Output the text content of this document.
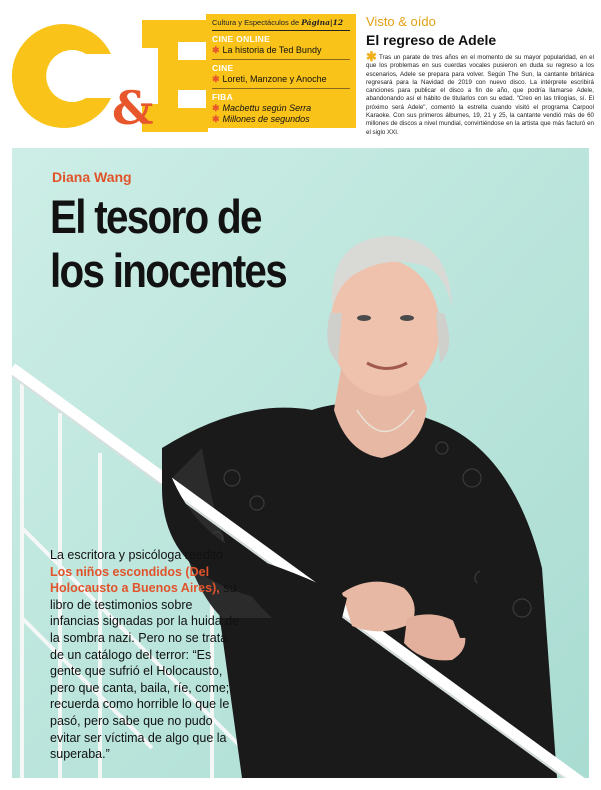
&
Cultura y Espectáculos de Página|12
CINE ONLINE
✱ La historia de Ted Bundy
CINE
✱ Loreti, Manzone y Anoche
FIBA
✱ Macbettu según Serra
✱ Millones de segundos
Visto & oído
El regreso de Adele
✱ Tras un parate de tres años en el momento de su mayor popularidad, en el que los problemas en sus cuerdas vocales pusieron en duda su regreso a los escenarios, Adele se prepara para volver. Según The Sun, la cantante británica regresará para la Navidad de 2019 con nuevo disco. La intérprete escribirá canciones para publicar el disco a fin de año, que podría llamarse Adele, abandonando así el hábito de titularlos con su edad. "Creo en las trilogías, sí. El próximo será Adele", comentó la estrella cuando visitó el programa Carpool Karaoke. Con sus primeros álbumes, 19, 21 y 25, la cantante vendió más de 60 millones de discos a nivel mundial, convirtiéndose en la artista que más facturó en el siglo XXI.
Diana Wang
El tesoro de
los inocentes

La escritora y psicóloga reeditó Los niños escondidos (Del Holocausto a Buenos Aires), su libro de testimonios sobre infancias signadas por la huida de la sombra nazi. Pero no se trata de un catálogo del terror: “Es gente que sufrió el Holocausto, pero que canta, baila, ríe, come; recuerda como horrible lo que le pasó, pero sabe que no pudo evitar ser víctima de algo que la superaba.”
